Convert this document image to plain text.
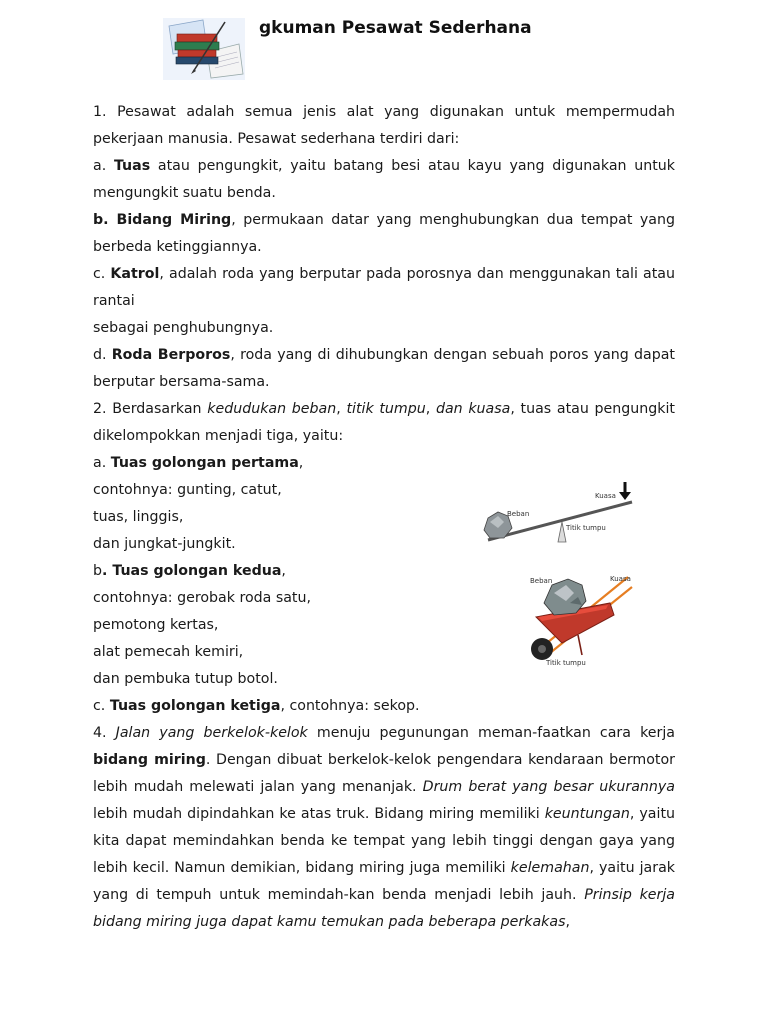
gkuman Pesawat Sederhana

1. Pesawat adalah semua jenis alat yang digunakan untuk mempermudah pekerjaan manusia. Pesawat sederhana terdiri dari:

a. Tuas atau pengungkit, yaitu batang besi atau kayu yang digunakan untuk mengungkit suatu benda.

b. Bidang Miring, permukaan datar yang menghubungkan dua tempat yang berbeda ketinggiannya.

c. Katrol, adalah roda yang berputar pada porosnya dan menggunakan tali atau rantai

sebagai penghubungnya.

d. Roda Berporos, roda yang di dihubungkan dengan sebuah poros yang dapat berputar bersama-sama.

2. Berdasarkan kedudukan beban, titik tumpu, dan kuasa, tuas atau pengungkit dikelompokkan menjadi tiga, yaitu:

a. Tuas golongan pertama,

contohnya: gunting, catut,

tuas, linggis,

dan jungkat-jungkit.

b. Tuas golongan kedua,

contohnya: gerobak roda satu,

pemotong kertas,

alat pemecah kemiri,

dan pembuka tutup botol.

c. Tuas golongan ketiga, contohnya: sekop.

4. Jalan yang berkelok-kelok menuju pegunungan meman-faatkan cara kerja bidang miring. Dengan dibuat berkelok-kelok pengendara kendaraan bermotor lebih mudah melewati jalan yang menanjak. Drum berat yang besar ukurannya lebih mudah dipindahkan ke atas truk. Bidang miring memiliki keuntungan, yaitu kita dapat memindahkan benda ke tempat yang lebih tinggi dengan gaya yang lebih kecil. Namun demikian, bidang miring juga memiliki kelemahan, yaitu jarak yang di tempuh untuk memindah-kan benda menjadi lebih jauh. Prinsip kerja bidang miring juga dapat kamu temukan pada beberapa perkakas,

Beban
Kuasa
Titik tumpu
Beban	Kuasa
Titik tumpu
